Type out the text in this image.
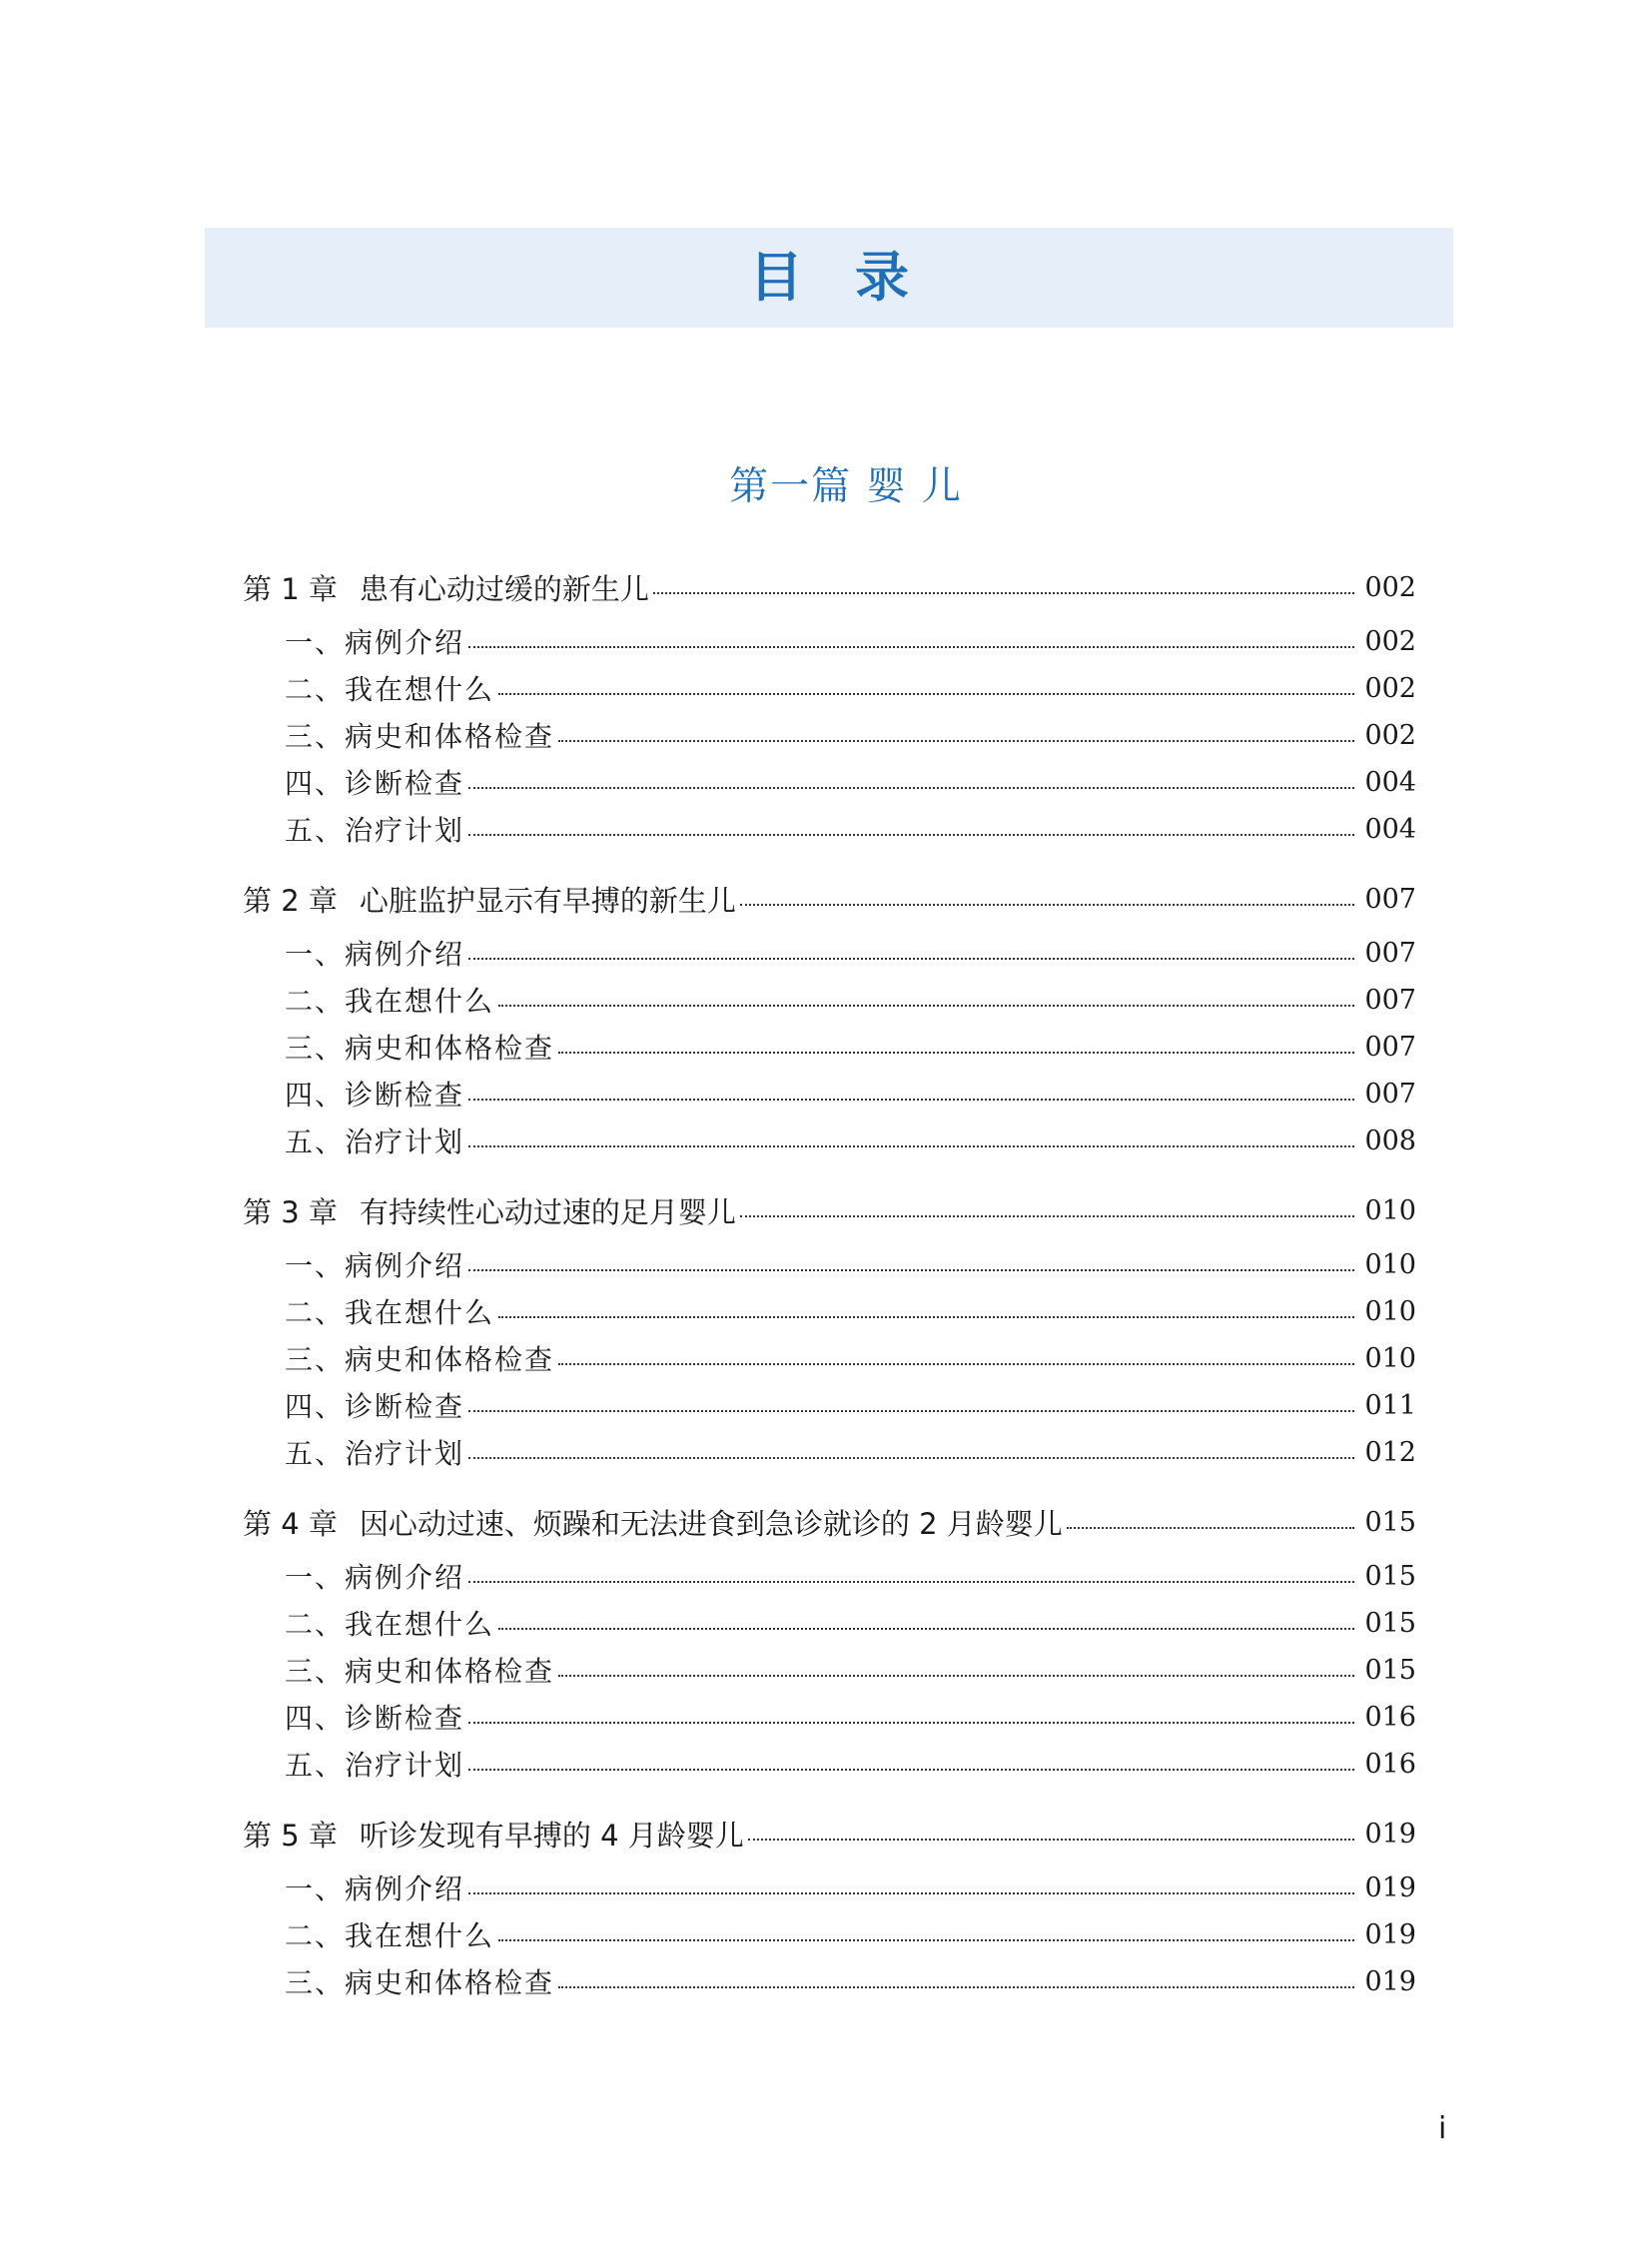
目录
第一篇 婴 儿
第 1 章 患有心动过缓的新生儿	002
一、病例介绍	002
二、我在想什么	002
三、病史和体格检查	002
四、诊断检查	004
五、治疗计划	004
第 2 章 心脏监护显示有早搏的新生儿	007
一、病例介绍	007
二、我在想什么	007
三、病史和体格检查	007
四、诊断检查	007
五、治疗计划	008
第 3 章 有持续性心动过速的足月婴儿	010
一、病例介绍	010
二、我在想什么	010
三、病史和体格检查	010
四、诊断检查	011
五、治疗计划	012
第 4 章 因心动过速、烦躁和无法进食到急诊就诊的 2 月龄婴儿	015
一、病例介绍	015
二、我在想什么	015
三、病史和体格检查	015
四、诊断检查	016
五、治疗计划	016
第 5 章 听诊发现有早搏的 4 月龄婴儿	019
一、病例介绍	019
二、我在想什么	019
三、病史和体格检查	019
i
